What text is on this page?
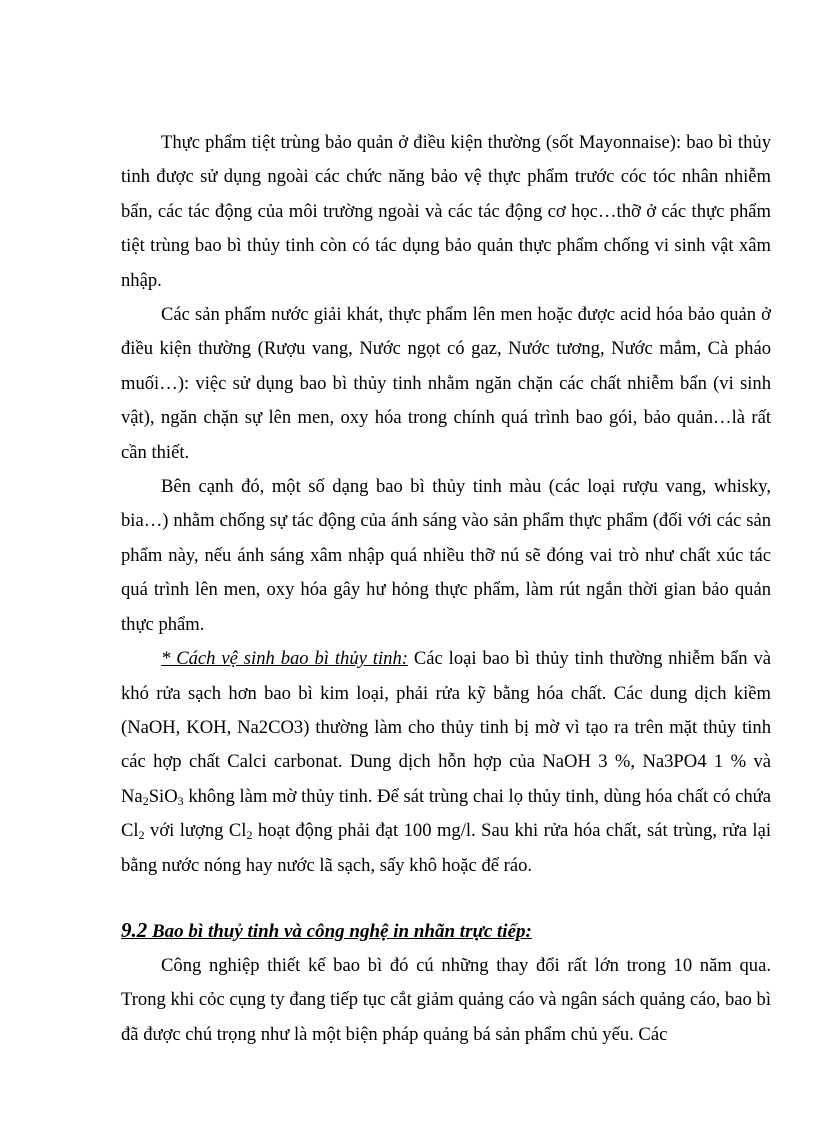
Thực phẩm tiệt trùng bảo quản ở điều kiện thường (sốt Mayonnaise): bao bì thủy tinh được sử dụng ngoài các chức năng bảo vệ thực phẩm trước cóc tóc nhân nhiễm bẩn, các tác động của môi trường ngoài và các tác động cơ học…thỡ ở các thực phẩm tiệt trùng bao bì thủy tinh còn có tác dụng bảo quản thực phẩm chống vi sinh vật xâm nhập.

Các sản phẩm nước giải khát, thực phẩm lên men hoặc được acid hóa bảo quản ở điều kiện thường (Rượu vang, Nước ngọt có gaz, Nước tương, Nước mắm, Cà pháo muối…): việc sử dụng bao bì thủy tinh nhằm ngăn chặn các chất nhiễm bẩn (vi sinh vật), ngăn chặn sự lên men, oxy hóa trong chính quá trình bao gói, bảo quản…là rất cần thiết.

Bên cạnh đó, một số dạng bao bì thủy tinh màu (các loại rượu vang, whisky, bia…) nhằm chống sự tác động của ánh sáng vào sản phẩm thực phẩm (đối với các sản phẩm này, nếu ánh sáng xâm nhập quá nhiều thỡ nú sẽ đóng vai trò như chất xúc tác quá trình lên men, oxy hóa gây hư hỏng thực phẩm, làm rút ngắn thời gian bảo quản thực phẩm.

* Cách vệ sinh bao bì thủy tinh: Các loại bao bì thủy tinh thường nhiễm bẩn và khó rửa sạch hơn bao bì kim loại, phải rửa kỹ bằng hóa chất. Các dung dịch kiềm (NaOH, KOH, Na2CO3) thường làm cho thủy tinh bị mờ vì tạo ra trên mặt thủy tinh các hợp chất Calci carbonat. Dung dịch hỗn hợp của NaOH 3 %, Na3PO4 1 % và $Na_2SiO_3$ không làm mờ thủy tinh. Để sát trùng chai lọ thủy tinh, dùng hóa chất có chứa $Cl_2$ với lượng $Cl_2$ hoạt động phải đạt 100 mg/l. Sau khi rửa hóa chất, sát trùng, rửa lại bằng nước nóng hay nước lã sạch, sấy khô hoặc để ráo.

9.2 Bao bì thuỷ tinh và công nghệ in nhãn trực tiếp:

Công nghiệp thiết kế bao bì đó cú những thay đổi rất lớn trong 10 năm qua. Trong khi cỏc cụng ty đang tiếp tục cắt giảm quảng cáo và ngân sách quảng cáo, bao bì đã được chú trọng như là một biện pháp quảng bá sản phẩm chủ yếu. Các
